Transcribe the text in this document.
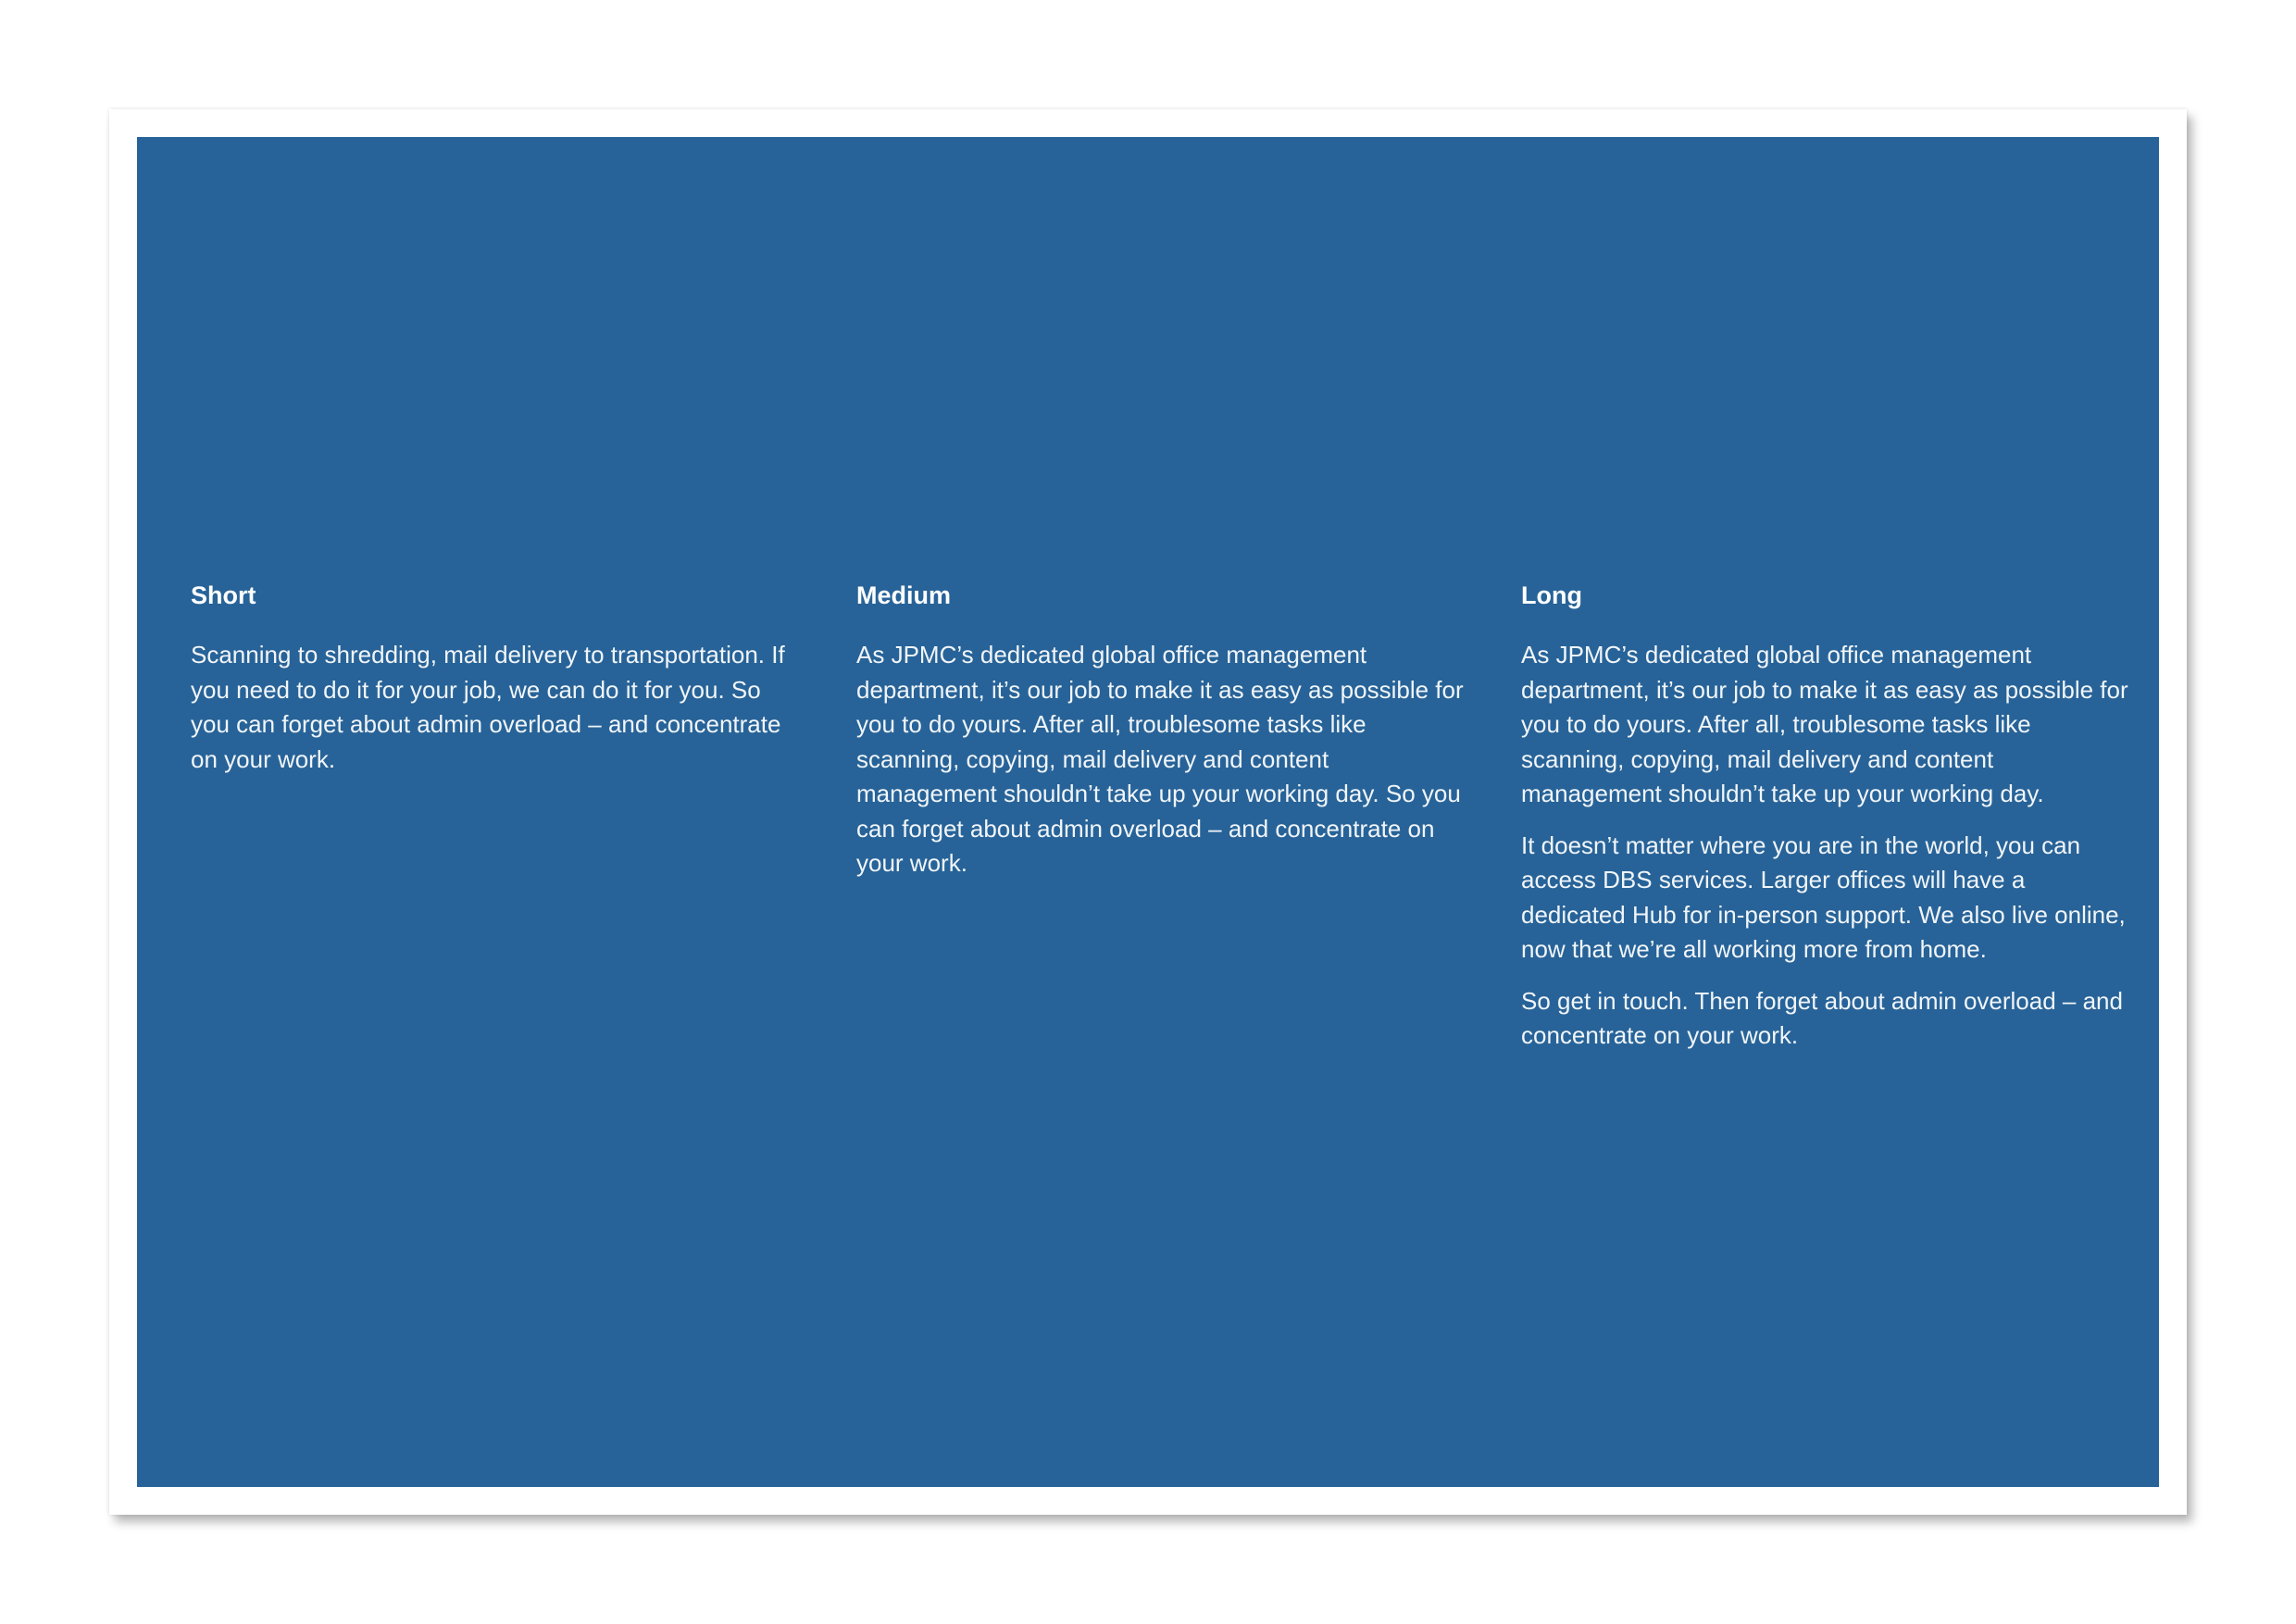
Short

Scanning to shredding, mail delivery to transportation. If you need to do it for your job, we can do it for you. So you can forget about admin overload – and concentrate on your work.

Medium

As JPMC’s dedicated global office management department, it’s our job to make it as easy as possible for you to do yours. After all, troublesome tasks like scanning, copying, mail delivery and content management shouldn’t take up your working day. So you can forget about admin overload – and concentrate on your work.

Long

As JPMC’s dedicated global office management department, it’s our job to make it as easy as possible for you to do yours. After all, troublesome tasks like scanning, copying, mail delivery and content management shouldn’t take up your working day.

It doesn’t matter where you are in the world, you can access DBS services. Larger offices will have a dedicated Hub for in-person support. We also live online, now that we’re all working more from home.

So get in touch. Then forget about admin overload – and concentrate on your work.
